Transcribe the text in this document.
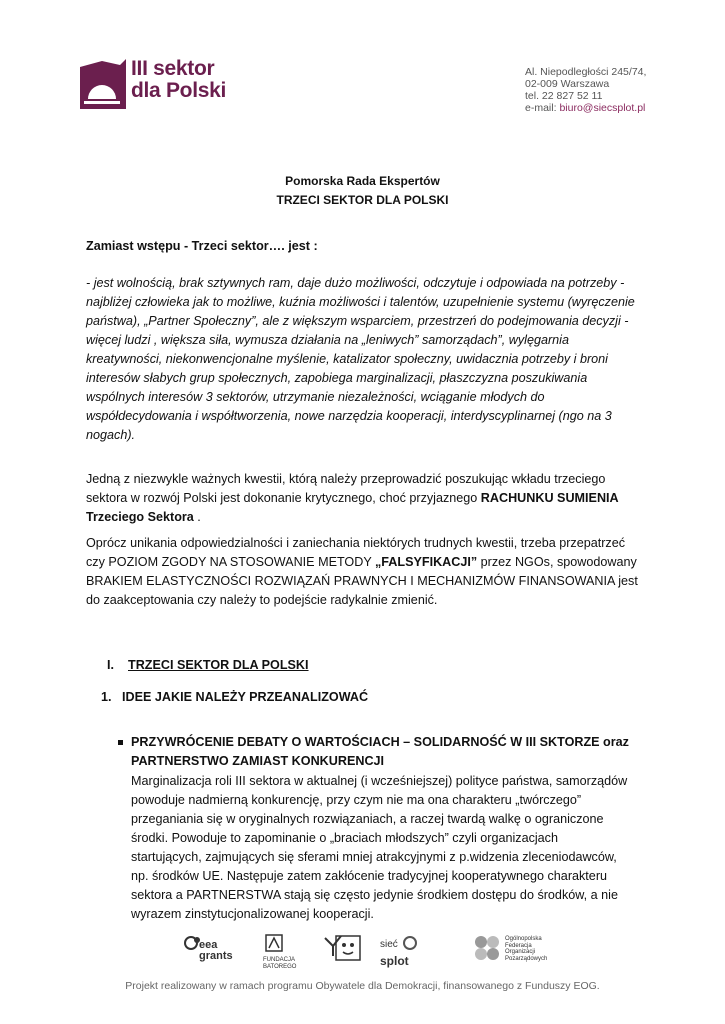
III sektor
dla Polski
Al. Niepodległości 245/74,
02-009 Warszawa
tel. 22 827 52 11
e-mail: biuro@siecsplot.pl
Pomorska Rada Ekspertów
TRZECI SEKTOR DLA POLSKI
Zamiast wstępu - Trzeci sektor…. jest :
- jest wolnością, brak sztywnych ram, daje dużo możliwości, odczytuje i odpowiada na potrzeby - najbliżej człowieka jak to możliwe, kuźnia możliwości i talentów, uzupełnienie systemu (wyręczenie państwa), „Partner Społeczny”, ale z większym wsparciem, przestrzeń do podejmowania decyzji - więcej ludzi , większa siła, wymusza działania na „leniwych” samorządach”, wylęgarnia kreatywności, niekonwencjonalne myślenie, katalizator społeczny, uwidacznia potrzeby i broni interesów słabych grup społecznych, zapobiega marginalizacji, płaszczyzna poszukiwania wspólnych interesów 3 sektorów, utrzymanie niezależności, wciąganie młodych do współdecydowania i współtworzenia, nowe narzędzia kooperacji, interdyscyplinarnej (ngo na 3 nogach).
Jedną z niezwykle ważnych kwestii, którą należy przeprowadzić poszukując wkładu trzeciego sektora w rozwój Polski jest dokonanie krytycznego, choć przyjaznego RACHUNKU SUMIENIA Trzeciego Sektora .
Oprócz unikania odpowiedzialności i zaniechania niektórych trudnych kwestii, trzeba przepatrzeć czy POZIOM ZGODY NA STOSOWANIE METODY „FALSYFIKACJI” przez NGOs, spowodowany BRAKIEM ELASTYCZNOŚCI ROZWIĄZAŃ PRAWNYCH I MECHANIZMÓW FINANSOWANIA jest do zaakceptowania czy należy to podejście radykalnie zmienić.
I. TRZECI SEKTOR DLA POLSKI
1. IDEE JAKIE NALEŻY PRZEANALIZOWAĆ
PRZYWRÓCENIE DEBATY O WARTOŚCIACH – SOLIDARNOŚĆ W III SKTORZE oraz PARTNERSTWO ZAMIAST KONKURENCJI
Marginalizacja roli III sektora w aktualnej (i wcześniejszej) polityce państwa, samorządów powoduje nadmierną konkurencję, przy czym nie ma ona charakteru „twórczego” przeganiania się w oryginalnych rozwiązaniach, a raczej twardą walkę o ograniczone środki. Powoduje to zapominanie o „braciach młodszych” czyli organizacjach startujących, zajmujących się sferami mniej atrakcyjnymi z p.widzenia zleceniodawców, np. środków UE. Następuje zatem zakłócenie tradycyjnej kooperatywnego charakteru sektora a PARTNERSTWA stają się często jedynie środkiem dostępu do środków, a nie wyrazem zinstytucjonalizowanej kooperacji.
eea
grants	FUNDACJA
BATOREGO
sieć  splot
Ogólnopolska
Federacja
Organizacji
Pozarządowych
Projekt realizowany w ramach programu Obywatele dla Demokracji, finansowanego z Funduszy EOG.
